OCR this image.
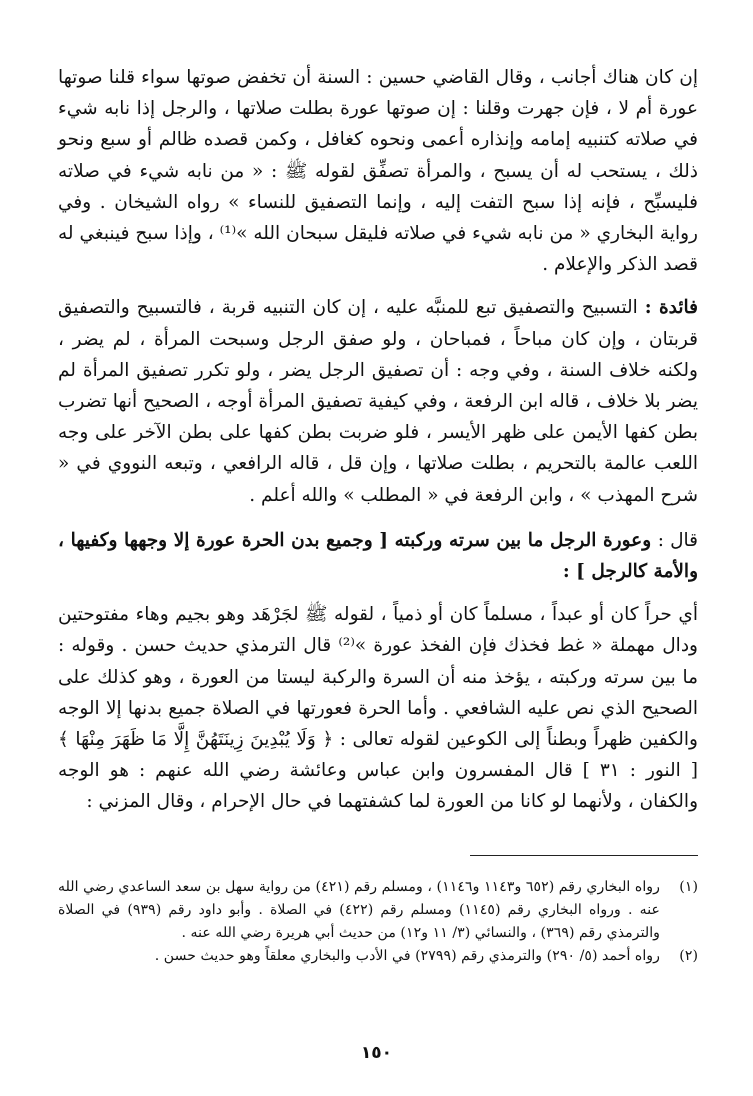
إن كان هناك أجانب ، وقال القاضي حسين : السنة أن تخفض صوتها سواء قلنا صوتها عورة أم لا ، فإن جهرت وقلنا : إن صوتها عورة بطلت صلاتها ، والرجل إذا نابه شيء في صلاته كتنبيه إمامه وإنذاره أعمى ونحوه كغافل ، وكمن قصده ظالم أو سبع ونحو ذلك ، يستحب له أن يسبح ، والمرأة تصفِّق لقوله ﷺ : « من نابه شيء في صلاته فليسبِّح ، فإنه إذا سبح التفت إليه ، وإنما التصفيق للنساء » رواه الشيخان . وفي رواية البخاري « من نابه شيء في صلاته فليقل سبحان الله »⁽¹⁾ ، وإذا سبح فينبغي له قصد الذكر والإعلام .

فائدة : التسبيح والتصفيق تبع للمنبَّه عليه ، إن كان التنبيه قربة ، فالتسبيح والتصفيق قربتان ، وإن كان مباحاً ، فمباحان ، ولو صفق الرجل وسبحت المرأة ، لم يضر ، ولكنه خلاف السنة ، وفي وجه : أن تصفيق الرجل يضر ، ولو تكرر تصفيق المرأة لم يضر بلا خلاف ، قاله ابن الرفعة ، وفي كيفية تصفيق المرأة أوجه ، الصحيح أنها تضرب بطن كفها الأيمن على ظهر الأيسر ، فلو ضربت بطن كفها على بطن الآخر على وجه اللعب عالمة بالتحريم ، بطلت صلاتها ، وإن قل ، قاله الرافعي ، وتبعه النووي في « شرح المهذب » ، وابن الرفعة في « المطلب » والله أعلم .

قال : وعورة الرجل ما بين سرته وركبته [ وجميع بدن الحرة عورة إلا وجهها وكفيها ، والأمة كالرجل ] :

أي حراً كان أو عبداً ، مسلماً كان أو ذمياً ، لقوله ﷺ لجَرْهَد وهو بجيم وهاء مفتوحتين ودال مهملة « غط فخذك فإن الفخذ عورة »⁽²⁾ قال الترمذي حديث حسن . وقوله : ما بين سرته وركبته ، يؤخذ منه أن السرة والركبة ليستا من العورة ، وهو كذلك على الصحيح الذي نص عليه الشافعي . وأما الحرة فعورتها في الصلاة جميع بدنها إلا الوجه والكفين ظهراً وبطناً إلى الكوعين لقوله تعالى : ﴿ وَلَا يُبْدِينَ زِينَتَهُنَّ إِلَّا مَا ظَهَرَ مِنْهَا ﴾ [ النور : ٣١ ] قال المفسرون وابن عباس وعائشة رضي الله عنهم : هو الوجه والكفان ، ولأنهما لو كانا من العورة لما كشفتهما في حال الإحرام ، وقال المزني :

(١)
رواه البخاري رقم (٦٥٢ و١١٤٣ و١١٤٦) ، ومسلم رقم (٤٢١) من رواية سهل بن سعد الساعدي رضي الله عنه . ورواه البخاري رقم (١١٤٥) ومسلم رقم (٤٢٢) في الصلاة . وأبو داود رقم (٩٣٩) في الصلاة والترمذي رقم (٣٦٩) ، والنسائي (٣/ ١١ و١٢) من حديث أبي هريرة رضي الله عنه .
(٢)
رواه أحمد (٥/ ٢٩٠) والترمذي رقم (٢٧٩٩) في الأدب والبخاري معلقاً وهو حديث حسن .
١٥٠
